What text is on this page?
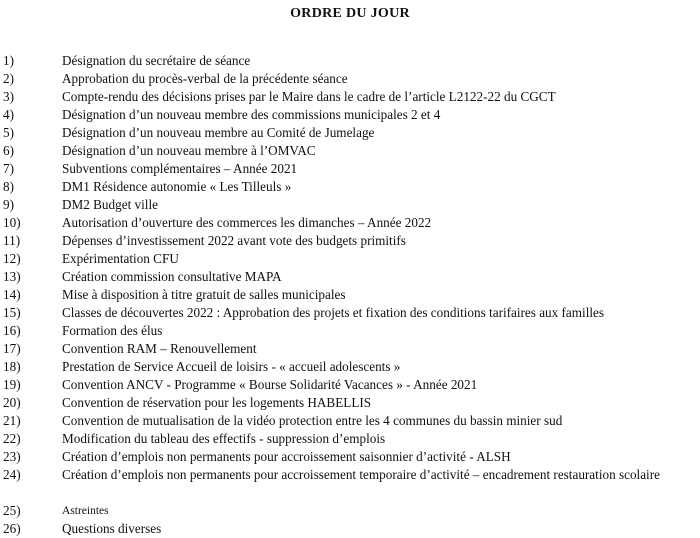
ORDRE DU JOUR
1)	Désignation du secrétaire de séance
2)	Approbation du procès-verbal de la précédente séance
3)	Compte-rendu des décisions prises par le Maire dans le cadre de l’article L2122-22 du CGCT
4)	Désignation d’un nouveau membre des commissions municipales 2 et 4
5)	Désignation d’un nouveau membre au Comité de Jumelage
6)	Désignation d’un nouveau membre à l’OMVAC
7)	Subventions complémentaires – Année 2021
8)	DM1 Résidence autonomie « Les Tilleuls »
9)	DM2 Budget ville
10)	Autorisation d’ouverture des commerces les dimanches – Année 2022
11)	Dépenses d’investissement 2022 avant vote des budgets primitifs
12)	Expérimentation CFU
13)	Création commission consultative MAPA
14)	Mise à disposition à titre gratuit de salles municipales
15)	Classes de découvertes 2022 : Approbation des projets et fixation des conditions tarifaires aux familles
16)	Formation des élus
17)	Convention RAM – Renouvellement
18)	Prestation de Service Accueil de loisirs - « accueil adolescents »
19)	Convention ANCV - Programme « Bourse Solidarité Vacances » - Année 2021
20)	Convention de réservation pour les logements HABELLIS
21)	Convention de mutualisation de la vidéo protection entre les 4 communes du bassin minier sud
22)	Modification du tableau des effectifs - suppression d’emplois
23)	Création d’emplois non permanents pour accroissement saisonnier d’activité - ALSH
24)	Création d’emplois non permanents pour accroissement temporaire d’activité – encadrement restauration scolaire
25)	Astreintes
26)	Questions diverses
